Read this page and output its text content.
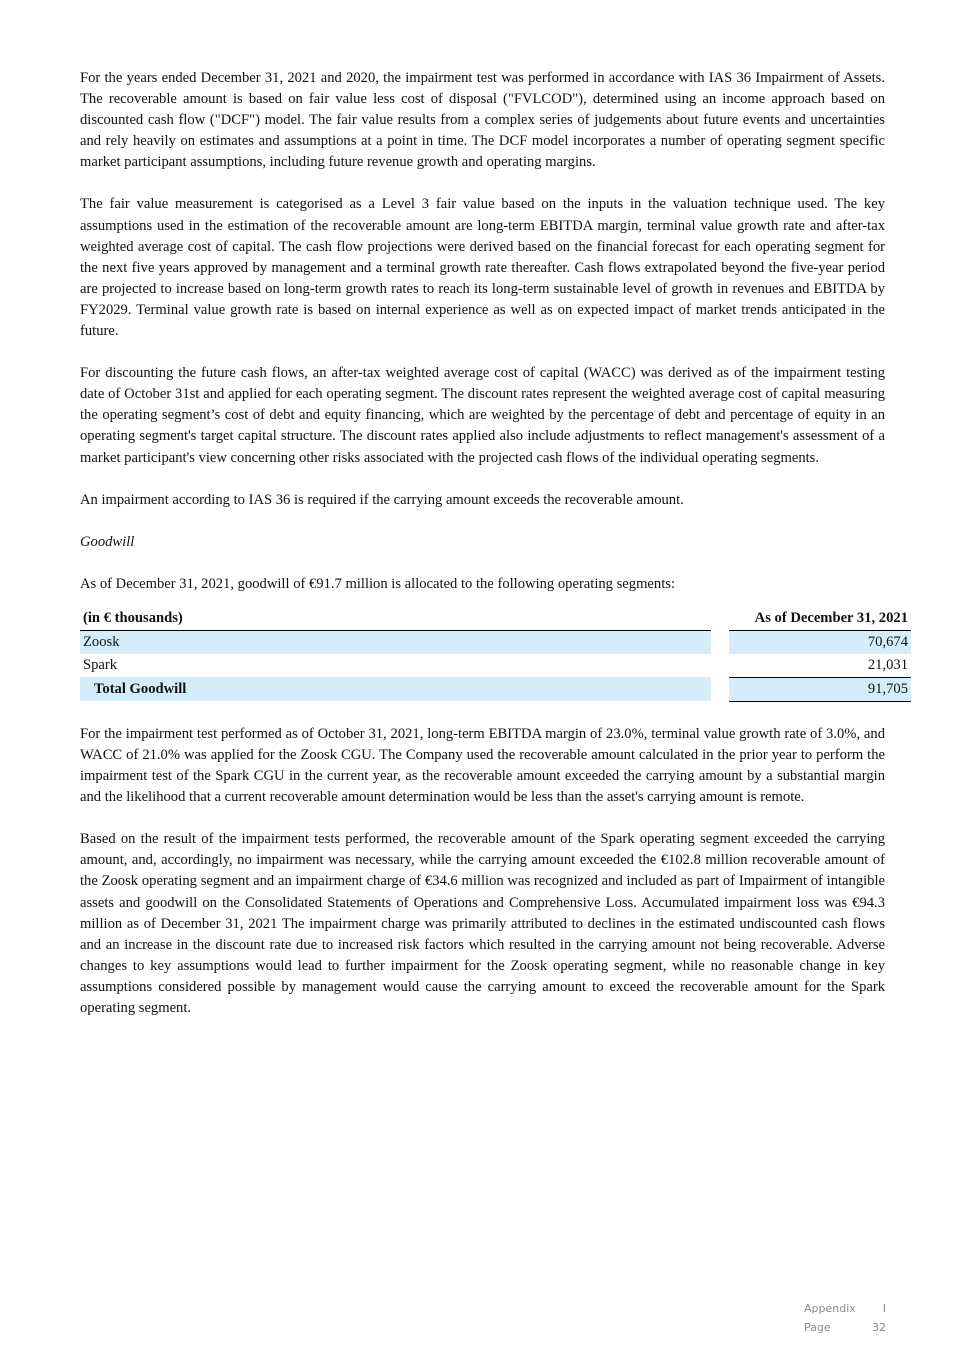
For the years ended December 31, 2021 and 2020, the impairment test was performed in accordance with IAS 36 Impairment of Assets. The recoverable amount is based on fair value less cost of disposal ("FVLCOD"), determined using an income approach based on discounted cash flow ("DCF") model. The fair value results from a complex series of judgements about future events and uncertainties and rely heavily on estimates and assumptions at a point in time. The DCF model incorporates a number of operating segment specific market participant assumptions, including future revenue growth and operating margins.

The fair value measurement is categorised as a Level 3 fair value based on the inputs in the valuation technique used. The key assumptions used in the estimation of the recoverable amount are long-term EBITDA margin, terminal value growth rate and after-tax weighted average cost of capital. The cash flow projections were derived based on the financial forecast for each operating segment for the next five years approved by management and a terminal growth rate thereafter. Cash flows extrapolated beyond the five-year period are projected to increase based on long-term growth rates to reach its long-term sustainable level of growth in revenues and EBITDA by FY2029. Terminal value growth rate is based on internal experience as well as on expected impact of market trends anticipated in the future.

For discounting the future cash flows, an after-tax weighted average cost of capital (WACC) was derived as of the impairment testing date of October 31st and applied for each operating segment. The discount rates represent the weighted average cost of capital measuring the operating segment’s cost of debt and equity financing, which are weighted by the percentage of debt and percentage of equity in an operating segment's target capital structure. The discount rates applied also include adjustments to reflect management's assessment of a market participant's view concerning other risks associated with the projected cash flows of the individual operating segments.

An impairment according to IAS 36 is required if the carrying amount exceeds the recoverable amount.

Goodwill

As of December 31, 2021, goodwill of €91.7 million is allocated to the following operating segments:

(in € thousands)		As of December 31, 2021
Zoosk		70,674
Spark		21,031
Total Goodwill		91,705

For the impairment test performed as of October 31, 2021, long-term EBITDA margin of 23.0%, terminal value growth rate of 3.0%, and WACC of 21.0% was applied for the Zoosk CGU. The Company used the recoverable amount calculated in the prior year to perform the impairment test of the Spark CGU in the current year, as the recoverable amount exceeded the carrying amount by a substantial margin and the likelihood that a current recoverable amount determination would be less than the asset's carrying amount is remote.

Based on the result of the impairment tests performed, the recoverable amount of the Spark operating segment exceeded the carrying amount, and, accordingly, no impairment was necessary, while the carrying amount exceeded the €102.8 million recoverable amount of the Zoosk operating segment and an impairment charge of €34.6 million was recognized and included as part of Impairment of intangible assets and goodwill on the Consolidated Statements of Operations and Comprehensive Loss. Accumulated impairment loss was €94.3 million as of December 31, 2021 The impairment charge was primarily attributed to declines in the estimated undiscounted cash flows and an increase in the discount rate due to increased risk factors which resulted in the carrying amount not being recoverable. Adverse changes to key assumptions would lead to further impairment for the Zoosk operating segment, while no reasonable change in key assumptions considered possible by management would cause the carrying amount to exceed the recoverable amount for the Spark operating segment.

Appendix I
Page	32
